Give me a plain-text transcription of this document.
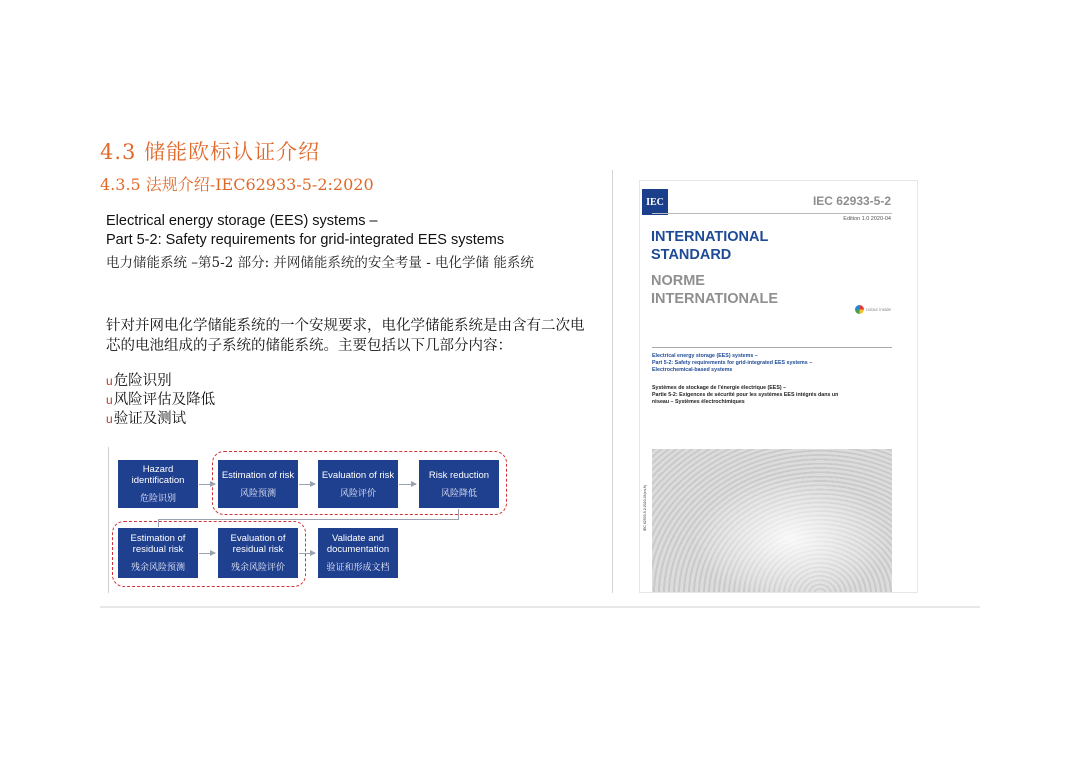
4.3 储能欧标认证介绍
4.3.5 法规介绍-IEC62933-5-2:2020
Electrical energy storage (EES) systems –
Part 5-2: Safety requirements for grid-integrated EES systems
电力储能系统 –第5-2 部分: 并网储能系统的安全考量 - 电化学储 能系统
针对并网电化学储能系统的一个安规要求，电化学储能系统是由含有二次电芯的电池组成的子系统的储能系统。主要包括以下几部分内容：
u危险识别
u风险评估及降低
u验证及测试
Hazard identification
危险识别
Estimation of risk
风险预测
Evaluation of risk
风险评价
Risk reduction
风险降低
Estimation of residual risk
残余风险预测
Evaluation of residual risk
残余风险评价
Validate and documentation
验证和形成文档
IEC	IEC 62933-5-2
Edition 1.0 2020-04
INTERNATIONAL
STANDARD
NORME
INTERNATIONALE
colour inside
Electrical energy storage (EES) systems –
Part 5-2: Safety requirements for grid-integrated EES systems –
Electrochemical-based systems
Systèmes de stockage de l'énergie électrique (EES) –
Partie 5-2: Exigences de sécurité pour les systèmes EES intégrés dans un
réseau – Systèmes électrochimiques
IEC 62933-5-2:2020-04(en-fr)
